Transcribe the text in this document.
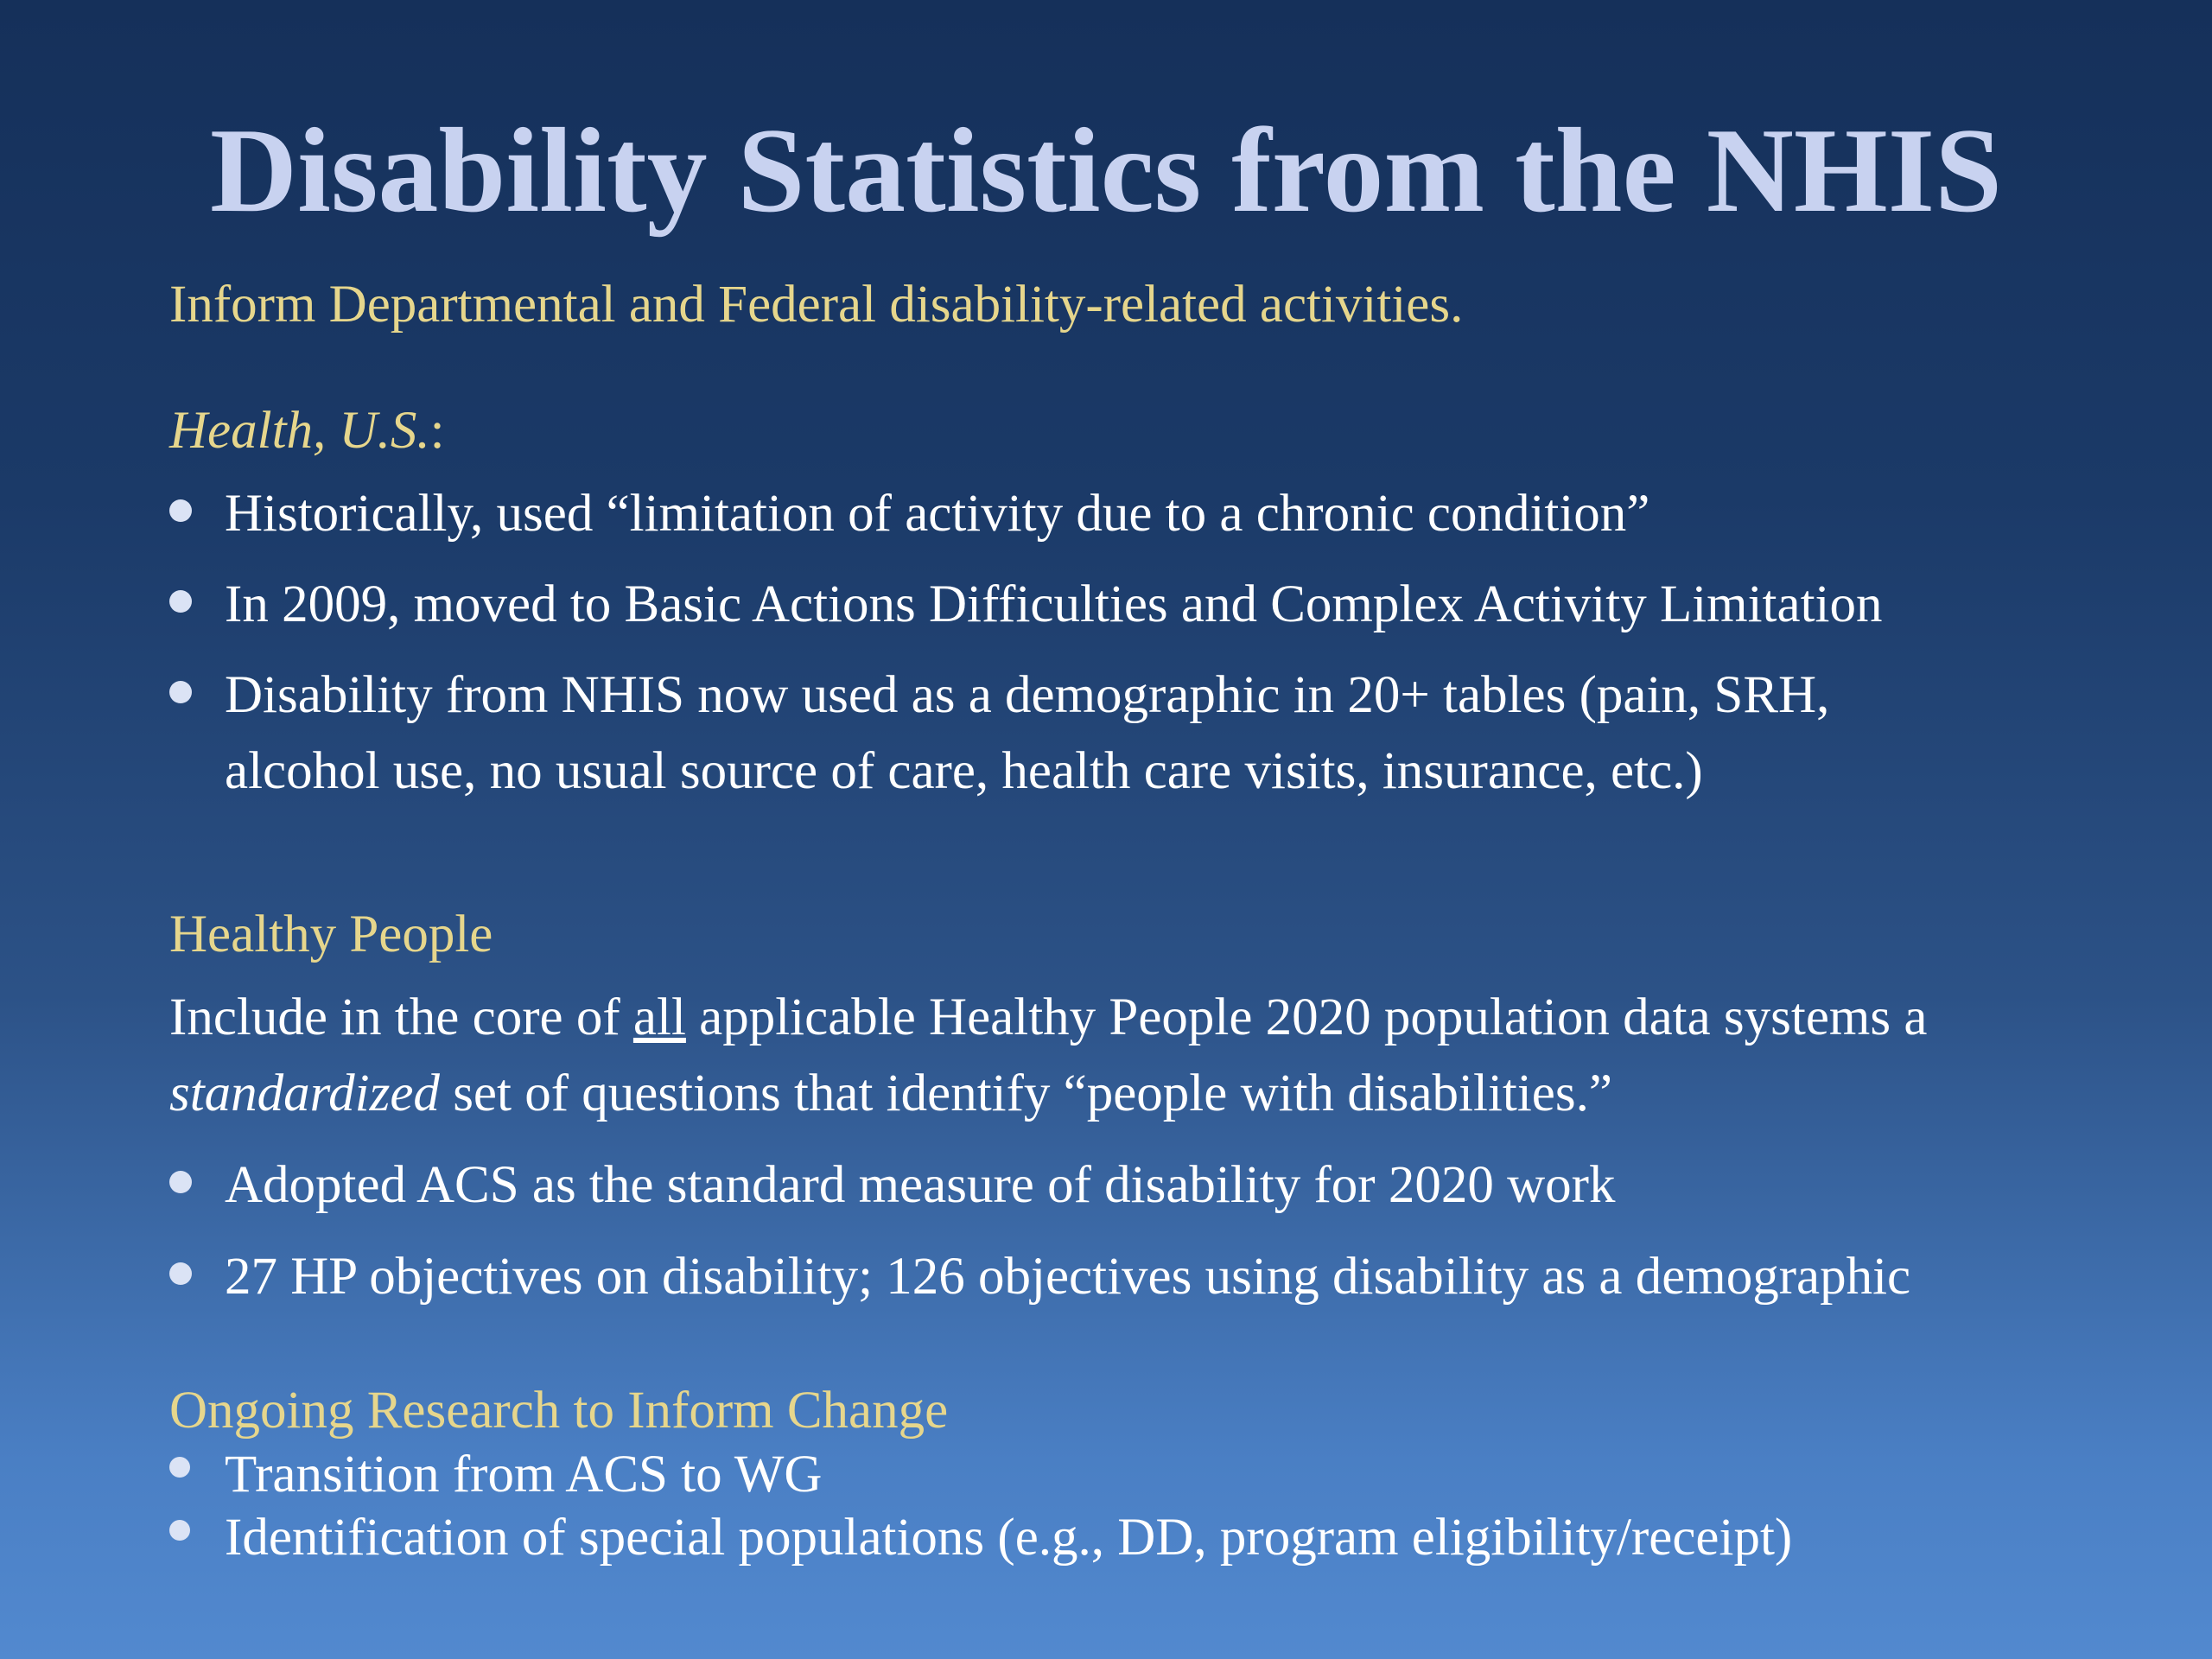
Disability Statistics from the NHIS
Inform Departmental and Federal disability-related activities.
Health, U.S.:
Historically, used “limitation of activity due to a chronic condition”
In 2009, moved to Basic Actions Difficulties and Complex Activity Limitation
Disability from NHIS now used as a demographic in 20+ tables (pain, SRH,
alcohol use, no usual source of care, health care visits, insurance, etc.)
Healthy People
Include in the core of all applicable Healthy People 2020 population data systems a
standardized set of questions that identify “people with disabilities.”
Adopted ACS as the standard measure of disability for 2020 work
27 HP objectives on disability; 126 objectives using disability as a demographic
Ongoing Research to Inform Change
Transition from ACS to WG
Identification of special populations (e.g., DD, program eligibility/receipt)
